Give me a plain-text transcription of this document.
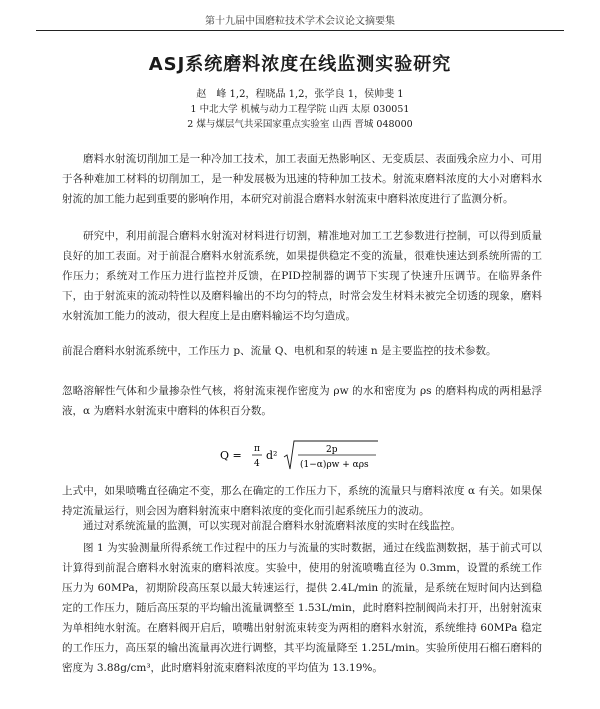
第十九届中国磨粒技术学术会议论文摘要集
ASJ系统磨料浓度在线监测实验研究
赵　峰 1,2，程晓晶 1,2，张学良 1，侯帅斐 1
1 中北大学 机械与动力工程学院 山西 太原 030051
2 煤与煤层气共采国家重点实验室 山西 晋城 048000

磨料水射流切削加工是一种冷加工技术，加工表面无热影响区、无变质层、表面残余应力小、可用于各种难加工材料的切削加工，是一种发展极为迅速的特种加工技术。射流束磨料浓度的大小对磨料水射流的加工能力起到重要的影响作用，本研究对前混合磨料水射流束中磨料浓度进行了监测分析。

研究中，利用前混合磨料水射流对材料进行切割，精准地对加工工艺参数进行控制，可以得到质量良好的加工表面。对于前混合磨料水射流系统，如果提供稳定不变的流量，很难快速达到系统所需的工作压力；系统对工作压力进行监控并反馈，在PID控制器的调节下实现了快速升压调节。在临界条件下，由于射流束的流动特性以及磨料输出的不均匀的特点，时常会发生材料未被完全切透的现象，磨料水射流加工能力的波动，很大程度上是由磨料输运不均匀造成。

前混合磨料水射流系统中，工作压力 p、流量 Q、电机和泵的转速 n 是主要监控的技术参数。

忽略溶解性气体和少量掺杂性气核，将射流束视作密度为 ρw 的水和密度为 ρs 的磨料构成的两相悬浮液，α 为磨料水射流束中磨料的体积百分数。

Q = π
4
d²	2p
(1−α)ρw + αρs

上式中，如果喷嘴直径确定不变，那么在确定的工作压力下，系统的流量只与磨料浓度 α 有关。如果保持定流量运行，则会因为磨料射流束中磨料浓度的变化而引起系统压力的波动。

通过对系统流量的监测，可以实现对前混合磨料水射流磨料浓度的实时在线监控。

图 1 为实验测量所得系统工作过程中的压力与流量的实时数据，通过在线监测数据，基于前式可以计算得到前混合磨料水射流束的磨料浓度。实验中，使用的射流喷嘴直径为 0.3mm，设置的系统工作压力为 60MPa，初期阶段高压泵以最大转速运行，提供 2.4L/min 的流量，是系统在短时间内达到稳定的工作压力，随后高压泵的平均输出流量调整至 1.53L/min，此时磨料控制阀尚未打开，出射射流束为单相纯水射流。在磨料阀开启后，喷嘴出射射流束转变为两相的磨料水射流，系统维持 60MPa 稳定的工作压力，高压泵的输出流量再次进行调整，其平均流量降至 1.25L/min。实验所使用石榴石磨料的密度为 3.88g/cm³，此时磨料射流束磨料浓度的平均值为 13.19%。
